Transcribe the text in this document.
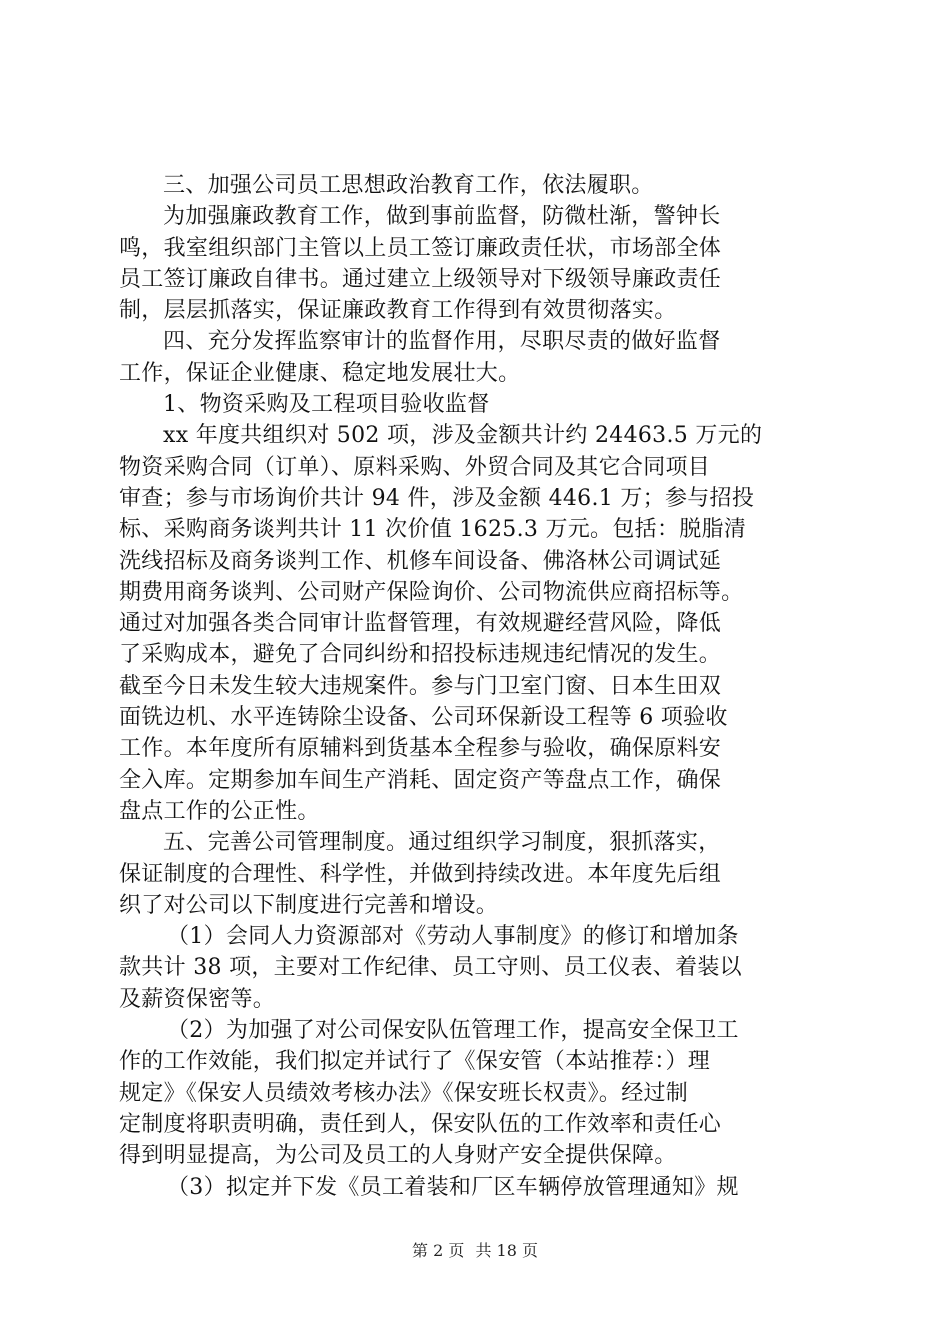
三、加强公司员工思想政治教育工作，依法履职。
为加强廉政教育工作，做到事前监督，防微杜渐，警钟长
鸣，我室组织部门主管以上员工签订廉政责任状，市场部全体
员工签订廉政自律书。通过建立上级领导对下级领导廉政责任
制，层层抓落实，保证廉政教育工作得到有效贯彻落实。
四、充分发挥监察审计的监督作用，尽职尽责的做好监督
工作，保证企业健康、稳定地发展壮大。
1、物资采购及工程项目验收监督
xx 年度共组织对 502 项，涉及金额共计约 24463.5 万元的
物资采购合同（订单）、原料采购、外贸合同及其它合同项目
审查；参与市场询价共计 94 件，涉及金额 446.1 万；参与招投
标、采购商务谈判共计 11 次价值 1625.3 万元。包括：脱脂清
洗线招标及商务谈判工作、机修车间设备、佛洛林公司调试延
期费用商务谈判、公司财产保险询价、公司物流供应商招标等。
通过对加强各类合同审计监督管理，有效规避经营风险，降低
了采购成本，避免了合同纠纷和招投标违规违纪情况的发生。
截至今日未发生较大违规案件。参与门卫室门窗、日本生田双
面铣边机、水平连铸除尘设备、公司环保新设工程等 6 项验收
工作。本年度所有原辅料到货基本全程参与验收，确保原料安
全入库。定期参加车间生产消耗、固定资产等盘点工作，确保
盘点工作的公正性。
五、完善公司管理制度。通过组织学习制度，狠抓落实，
保证制度的合理性、科学性，并做到持续改进。本年度先后组
织了对公司以下制度进行完善和增设。
（1）会同人力资源部对《劳动人事制度》的修订和增加条
款共计 38 项，主要对工作纪律、员工守则、员工仪表、着装以
及薪资保密等。
（2）为加强了对公司保安队伍管理工作，提高安全保卫工
作的工作效能，我们拟定并试行了《保安管（本站推荐：）理
规定》《保安人员绩效考核办法》《保安班长权责》。经过制
定制度将职责明确，责任到人，保安队伍的工作效率和责任心
得到明显提高，为公司及员工的人身财产安全提供保障。
（3）拟定并下发《员工着装和厂区车辆停放管理通知》规
第 2 页 共 18 页
